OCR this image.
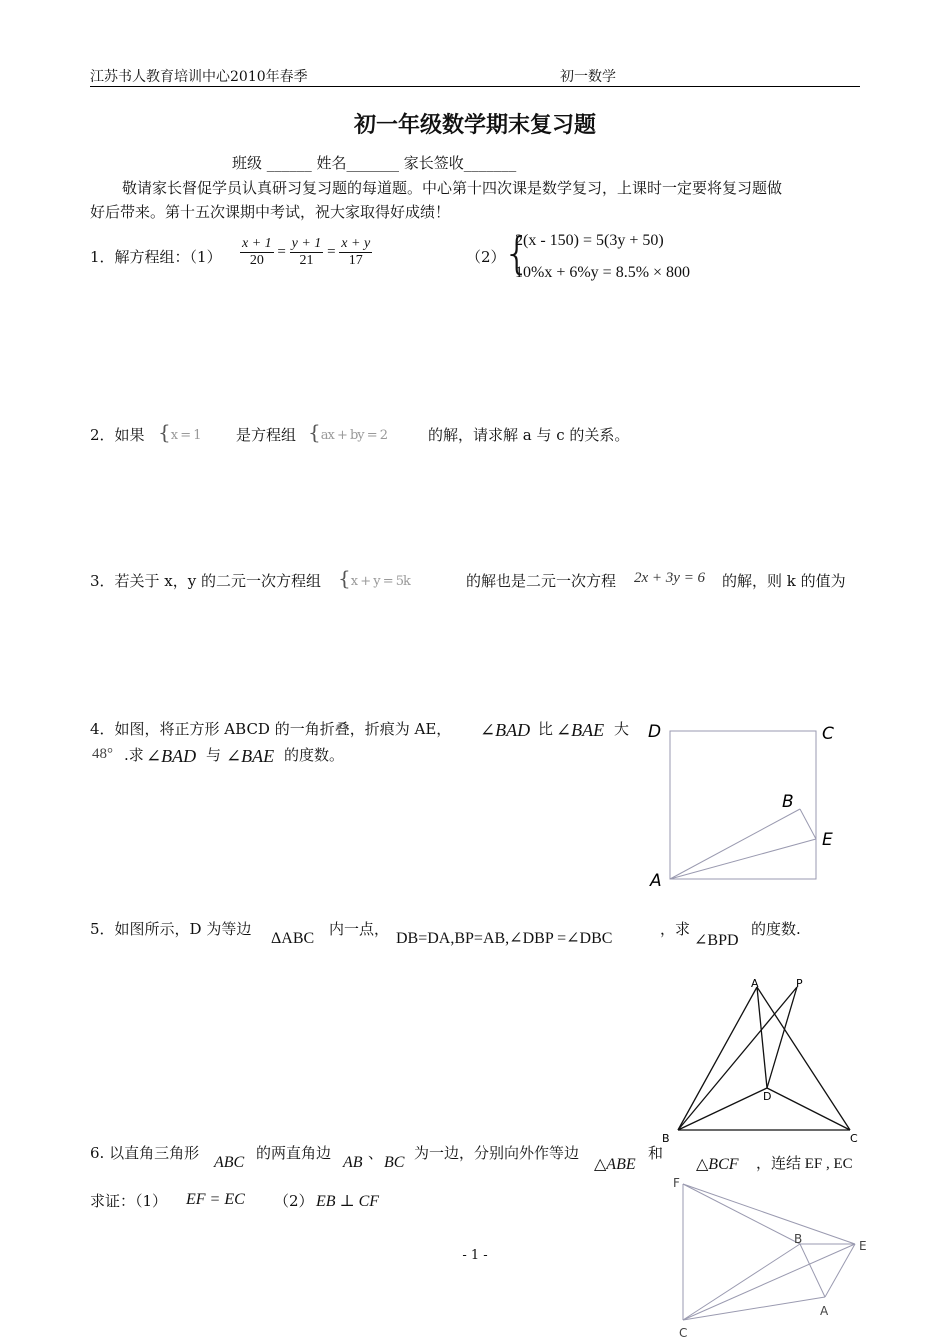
江苏书人教育培训中心2010年春季	初一数学
初一年级数学期末复习题
班级 ______ 姓名_______ 家长签收_______
敬请家长督促学员认真研习复习题的每道题。中心第十四次课是数学复习，上课时一定要将复习题做
好后带来。第十五次课期中考试，祝大家取得好成绩！
1．解方程组：$(1) \frac{x + 1}{20} = \frac{y + 1}{21} = \frac{x + y}{17}$	（2）
{
2(x - 150) = 5(3y + 50)
10%x + 6%y = 8.5% × 800
2．如果 {x = 1 是方程组 {ax + by = 2	的解，请求解 a 与 c 的关系。
3．若关于 x，y 的二元一次方程组 {x + y = 5k	的解也是二元一次方程 2x + 3y = 6 的解，则 k 的值为
4．如图，将正方形 ABCD 的一角折叠，折痕为 AE， ∠BAD 比 ∠BAE 大
48° .求 ∠BAD 与 ∠BAE 的度数。
D	C
B
E
A
5．如图所示，D 为等边
ΔABC
内一点，
DB=DA,BP=AB,∠DBP =∠DBC
，求
∠BPD
的度数.
A	P
D
B	C
6. 以直角三角形
ABC
的两直角边
AB
、
BC
为一边，分别向外作等边
△ABE
和
△BCF ，连结 EF , EC
求证：（1） EF = EC （2） EB ⊥ CF
F
B	E
A
C
- 1 -
